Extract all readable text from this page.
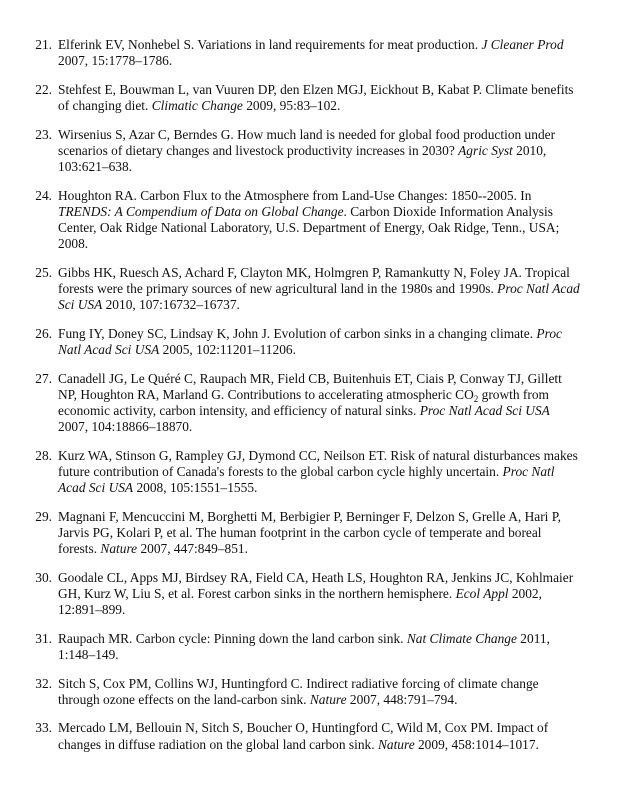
21. Elferink EV, Nonhebel S. Variations in land requirements for meat production. J Cleaner Prod 2007, 15:1778–1786.
22. Stehfest E, Bouwman L, van Vuuren DP, den Elzen MGJ, Eickhout B, Kabat P. Climate benefits of changing diet. Climatic Change 2009, 95:83–102.
23. Wirsenius S, Azar C, Berndes G. How much land is needed for global food production under scenarios of dietary changes and livestock productivity increases in 2030? Agric Syst 2010, 103:621–638.
24. Houghton RA. Carbon Flux to the Atmosphere from Land-Use Changes: 1850--2005. In TRENDS: A Compendium of Data on Global Change. Carbon Dioxide Information Analysis Center, Oak Ridge National Laboratory, U.S. Department of Energy, Oak Ridge, Tenn., USA; 2008.
25. Gibbs HK, Ruesch AS, Achard F, Clayton MK, Holmgren P, Ramankutty N, Foley JA. Tropical forests were the primary sources of new agricultural land in the 1980s and 1990s. Proc Natl Acad Sci USA 2010, 107:16732–16737.
26. Fung IY, Doney SC, Lindsay K, John J. Evolution of carbon sinks in a changing climate. Proc Natl Acad Sci USA 2005, 102:11201–11206.
27. Canadell JG, Le Quéré C, Raupach MR, Field CB, Buitenhuis ET, Ciais P, Conway TJ, Gillett NP, Houghton RA, Marland G. Contributions to accelerating atmospheric $CO_2$ growth from economic activity, carbon intensity, and efficiency of natural sinks. Proc Natl Acad Sci USA 2007, 104:18866–18870.
28. Kurz WA, Stinson G, Rampley GJ, Dymond CC, Neilson ET. Risk of natural disturbances makes future contribution of Canada's forests to the global carbon cycle highly uncertain. Proc Natl Acad Sci USA 2008, 105:1551–1555.
29. Magnani F, Mencuccini M, Borghetti M, Berbigier P, Berninger F, Delzon S, Grelle A, Hari P, Jarvis PG, Kolari P, et al. The human footprint in the carbon cycle of temperate and boreal forests. Nature 2007, 447:849–851.
30. Goodale CL, Apps MJ, Birdsey RA, Field CA, Heath LS, Houghton RA, Jenkins JC, Kohlmaier GH, Kurz W, Liu S, et al. Forest carbon sinks in the northern hemisphere. Ecol Appl 2002, 12:891–899.
31. Raupach MR. Carbon cycle: Pinning down the land carbon sink. Nat Climate Change 2011, 1:148–149.
32. Sitch S, Cox PM, Collins WJ, Huntingford C. Indirect radiative forcing of climate change through ozone effects on the land-carbon sink. Nature 2007, 448:791–794.
33. Mercado LM, Bellouin N, Sitch S, Boucher O, Huntingford C, Wild M, Cox PM. Impact of changes in diffuse radiation on the global land carbon sink. Nature 2009, 458:1014–1017.
